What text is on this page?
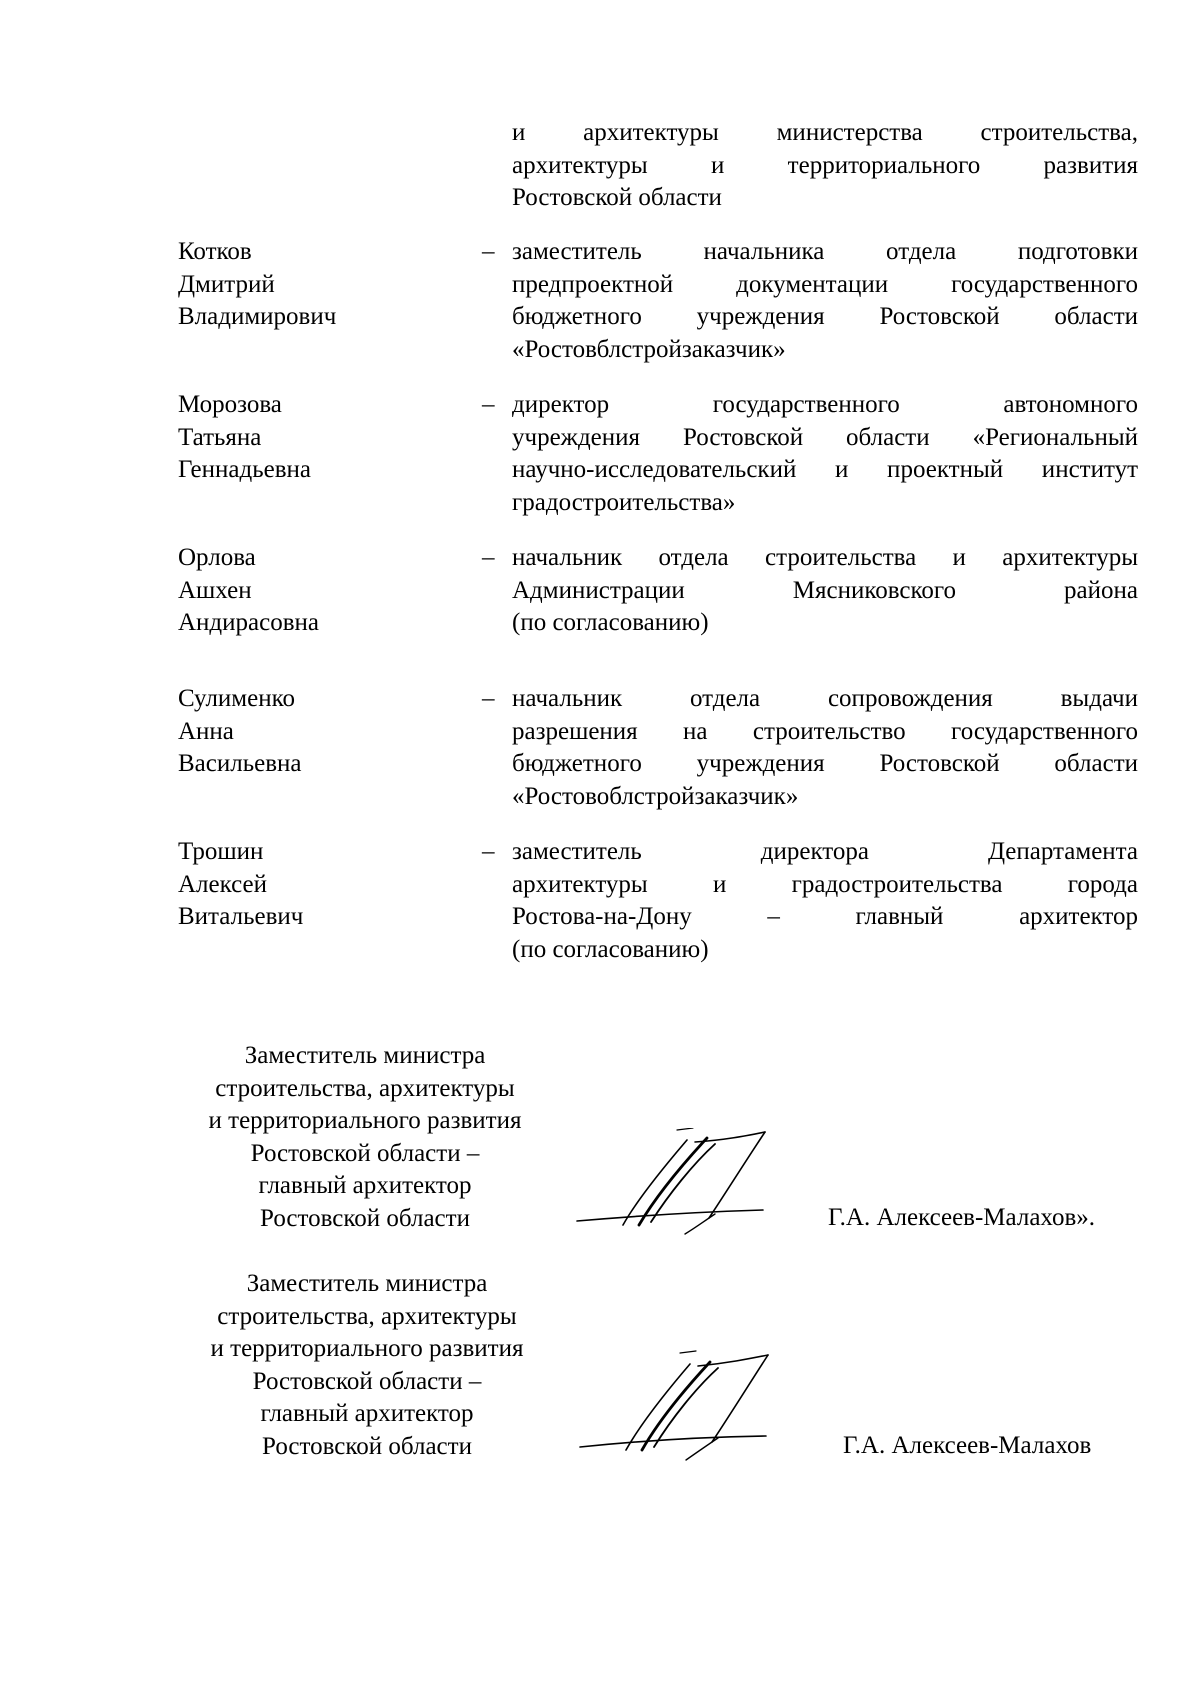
и архитектуры министерства строительства,
архитектуры и территориального развития
Ростовской области
Котков
Дмитрий
Владимирович
– заместитель начальника отдела подготовки
предпроектной документации государственного
бюджетного учреждения Ростовской области
«Ростовблстройзаказчик»
Морозова
Татьяна
Геннадьевна
– директор государственного автономного
учреждения Ростовской области «Региональный
научно-исследовательский и проектный институт
градостроительства»
Орлова
Ашхен
Андирасовна
– начальник отдела строительства и архитектуры
Администрации Мясниковского района
(по согласованию)
Сулименко
Анна
Васильевна
– начальник отдела сопровождения выдачи
разрешения на строительство государственного
бюджетного учреждения Ростовской области
«Ростовоблстройзаказчик»
Трошин
Алексей
Витальевич
– заместитель директора Департамента
архитектуры и градостроительства города
Ростова-на-Дону – главный архитектор
(по согласованию)
Заместитель министра
строительства, архитектуры
и территориального развития
Ростовской области –
главный архитектор
Ростовской области	Г.А. Алексеев-Малахов».
Заместитель министра
строительства, архитектуры
и территориального развития
Ростовской области –
главный архитектор
Ростовской области	Г.А. Алексеев-Малахов
